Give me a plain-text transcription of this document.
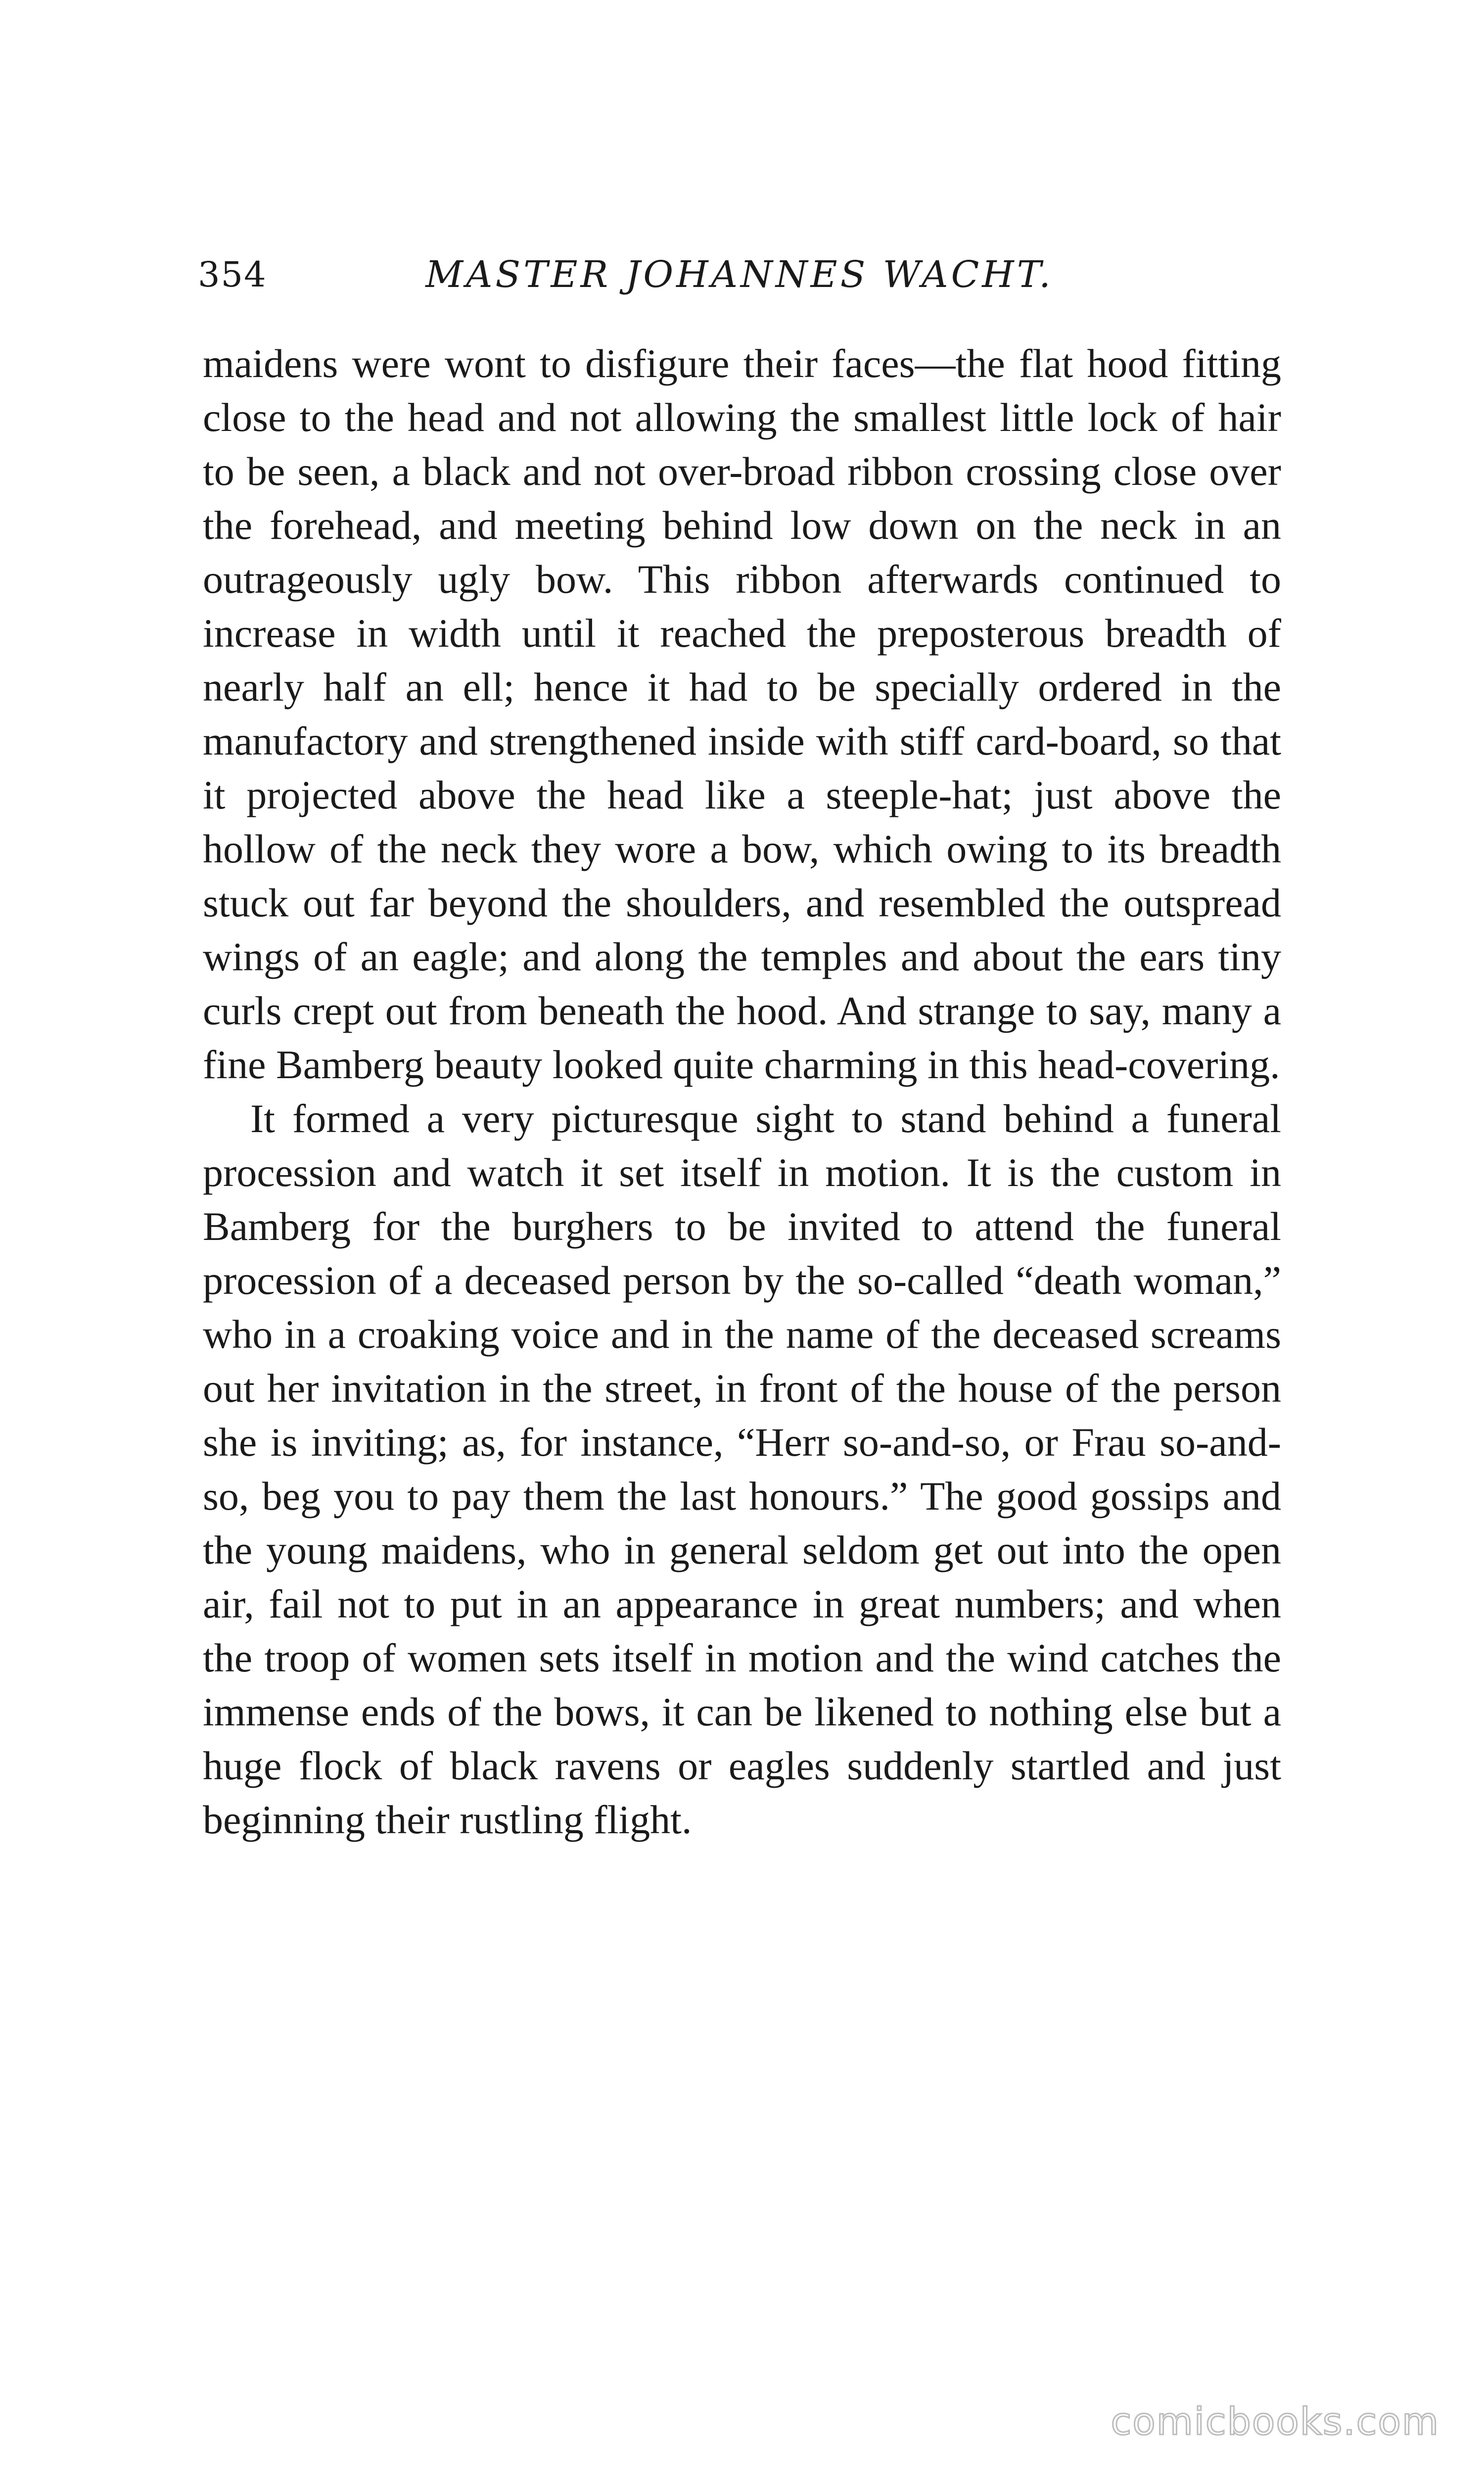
354	MASTER JOHANNES WACHT.

maidens were wont to disfigure their faces—the flat hood fitting close to the head and not allowing the smallest little lock of hair to be seen, a black and not over-broad ribbon crossing close over the forehead, and meeting behind low down on the neck in an outrageously ugly bow. This ribbon afterwards continued to increase in width until it reached the preposterous breadth of nearly half an ell; hence it had to be specially ordered in the manufactory and strengthened inside with stiff card-board, so that it projected above the head like a steeple-hat; just above the hollow of the neck they wore a bow, which owing to its breadth stuck out far beyond the shoulders, and resembled the outspread wings of an eagle; and along the temples and about the ears tiny curls crept out from beneath the hood. And strange to say, many a fine Bamberg beauty looked quite charming in this head-covering.

It formed a very picturesque sight to stand behind a funeral procession and watch it set itself in motion. It is the custom in Bamberg for the burghers to be invited to attend the funeral procession of a deceased person by the so-called “death woman,” who in a croaking voice and in the name of the deceased screams out her invitation in the street, in front of the house of the person she is inviting; as, for instance, “Herr so-and-so, or Frau so-and-so, beg you to pay them the last honours.” The good gossips and the young maidens, who in general seldom get out into the open air, fail not to put in an appearance in great numbers; and when the troop of women sets itself in motion and the wind catches the immense ends of the bows, it can be likened to nothing else but a huge flock of black ravens or eagles suddenly startled and just beginning their rustling flight.

comicbooks.com
